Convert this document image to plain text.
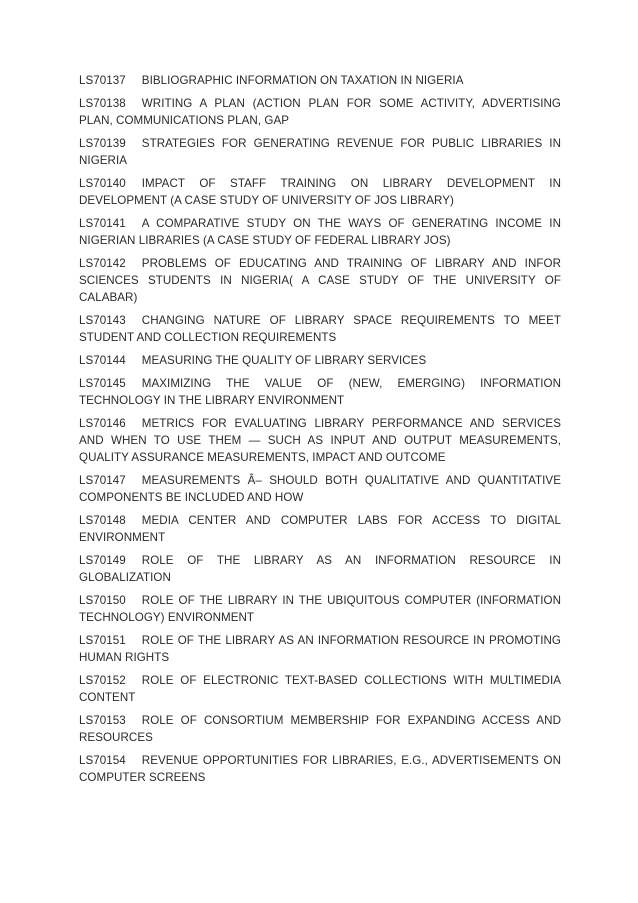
LS70137 BIBLIOGRAPHIC INFORMATION ON TAXATION IN NIGERIA
LS70138 WRITING A PLAN (ACTION PLAN FOR SOME ACTIVITY, ADVERTISING PLAN, COMMUNICATIONS PLAN, GAP
LS70139 STRATEGIES FOR GENERATING REVENUE FOR PUBLIC LIBRARIES IN NIGERIA
LS70140 IMPACT OF STAFF TRAINING ON LIBRARY DEVELOPMENT IN DEVELOPMENT (A CASE STUDY OF UNIVERSITY OF JOS LIBRARY)
LS70141 A COMPARATIVE STUDY ON THE WAYS OF GENERATING INCOME IN NIGERIAN LIBRARIES (A CASE STUDY OF FEDERAL LIBRARY JOS)
LS70142 PROBLEMS OF EDUCATING AND TRAINING OF LIBRARY AND INFOR SCIENCES STUDENTS IN NIGERIA( A CASE STUDY OF THE UNIVERSITY OF CALABAR)
LS70143 CHANGING NATURE OF LIBRARY SPACE REQUIREMENTS TO MEET STUDENT AND COLLECTION REQUIREMENTS
LS70144 MEASURING THE QUALITY OF LIBRARY SERVICES
LS70145 MAXIMIZING THE VALUE OF (NEW, EMERGING) INFORMATION TECHNOLOGY IN THE LIBRARY ENVIRONMENT
LS70146 METRICS FOR EVALUATING LIBRARY PERFORMANCE AND SERVICES AND WHEN TO USE THEM — SUCH AS INPUT AND OUTPUT MEASUREMENTS, QUALITY ASSURANCE MEASUREMENTS, IMPACT AND OUTCOME
LS70147 MEASUREMENTS Â– SHOULD BOTH QUALITATIVE AND QUANTITATIVE COMPONENTS BE INCLUDED AND HOW
LS70148 MEDIA CENTER AND COMPUTER LABS FOR ACCESS TO DIGITAL ENVIRONMENT
LS70149 ROLE OF THE LIBRARY AS AN INFORMATION RESOURCE IN GLOBALIZATION
LS70150 ROLE OF THE LIBRARY IN THE UBIQUITOUS COMPUTER (INFORMATION TECHNOLOGY) ENVIRONMENT
LS70151 ROLE OF THE LIBRARY AS AN INFORMATION RESOURCE IN PROMOTING HUMAN RIGHTS
LS70152 ROLE OF ELECTRONIC TEXT-BASED COLLECTIONS WITH MULTIMEDIA CONTENT
LS70153 ROLE OF CONSORTIUM MEMBERSHIP FOR EXPANDING ACCESS AND RESOURCES
LS70154 REVENUE OPPORTUNITIES FOR LIBRARIES, E.G., ADVERTISEMENTS ON COMPUTER SCREENS
